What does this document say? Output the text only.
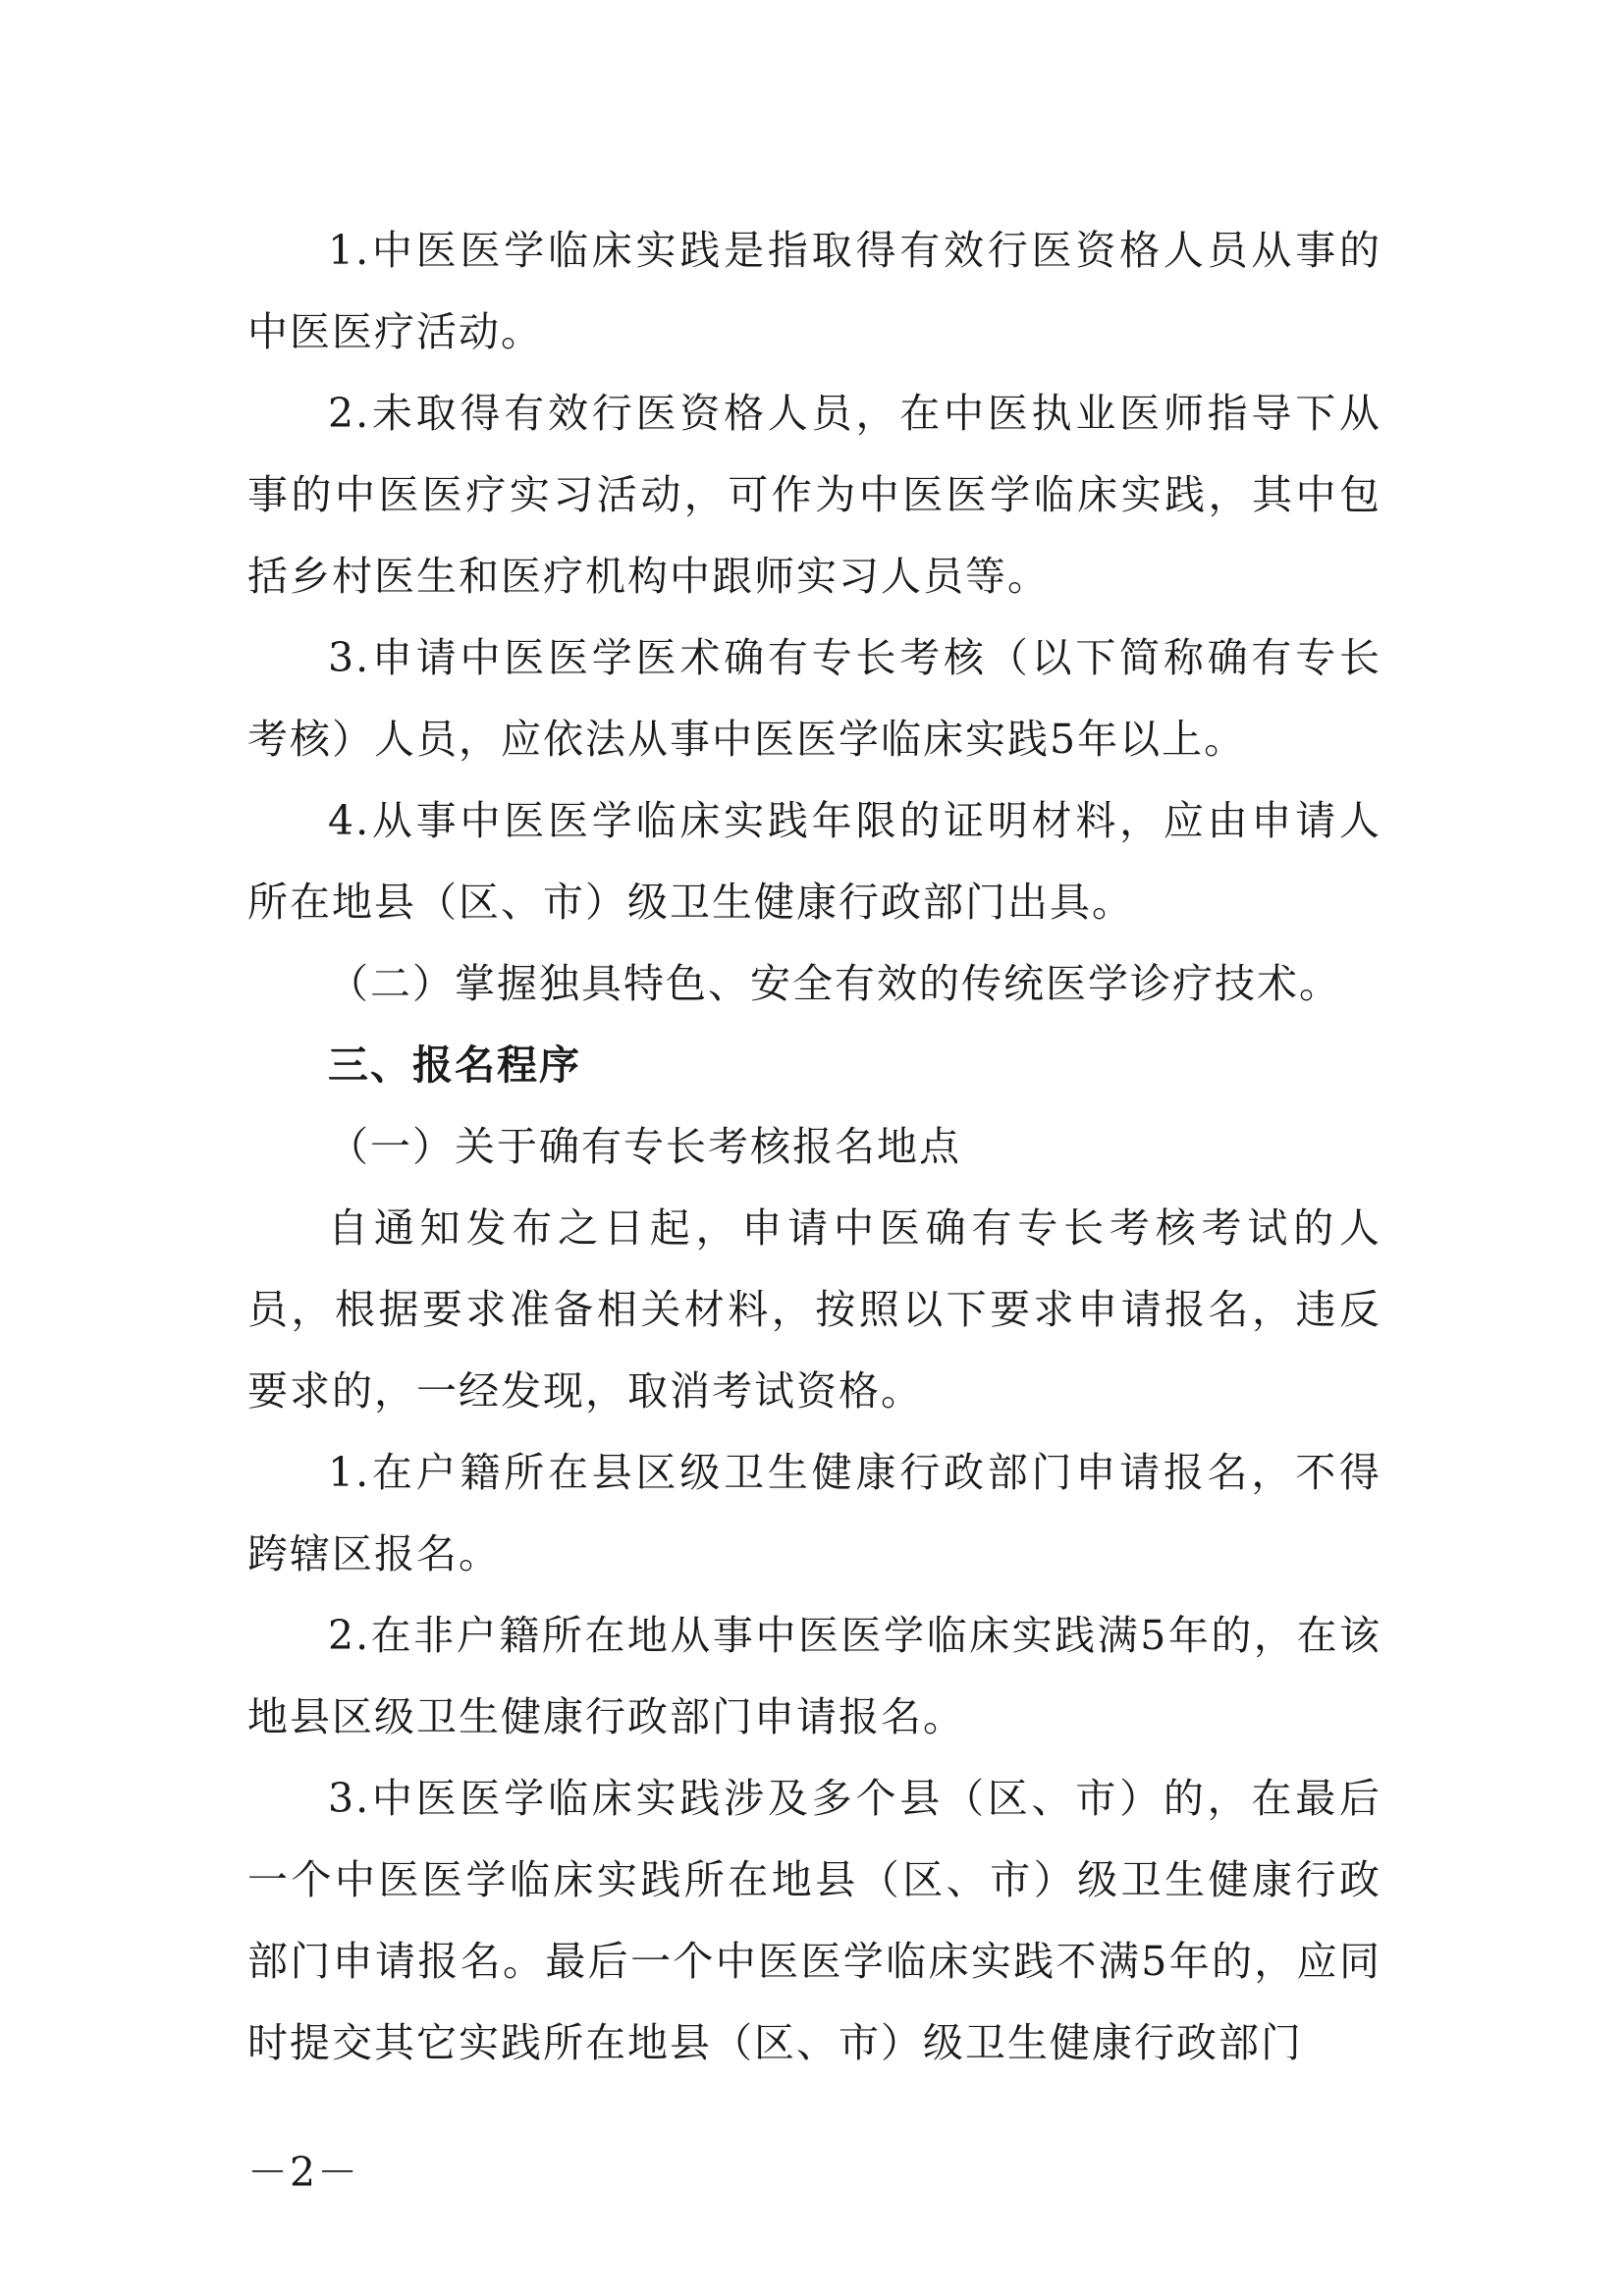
1.中医医学临床实践是指取得有效行医资格人员从事的中医医疗活动。

2.未取得有效行医资格人员，在中医执业医师指导下从事的中医医疗实习活动，可作为中医医学临床实践，其中包括乡村医生和医疗机构中跟师实习人员等。

3.申请中医医学医术确有专长考核（以下简称确有专长考核）人员，应依法从事中医医学临床实践5年以上。

4.从事中医医学临床实践年限的证明材料，应由申请人所在地县（区、市）级卫生健康行政部门出具。

（二）掌握独具特色、安全有效的传统医学诊疗技术。

三、报名程序

（一）关于确有专长考核报名地点

自通知发布之日起，申请中医确有专长考核考试的人员，根据要求准备相关材料，按照以下要求申请报名，违反要求的，一经发现，取消考试资格。

1.在户籍所在县区级卫生健康行政部门申请报名，不得跨辖区报名。

2.在非户籍所在地从事中医医学临床实践满5年的，在该地县区级卫生健康行政部门申请报名。

3.中医医学临床实践涉及多个县（区、市）的，在最后一个中医医学临床实践所在地县（区、市）级卫生健康行政部门申请报名。最后一个中医医学临床实践不满5年的，应同时提交其它实践所在地县（区、市）级卫生健康行政部门

－2－
